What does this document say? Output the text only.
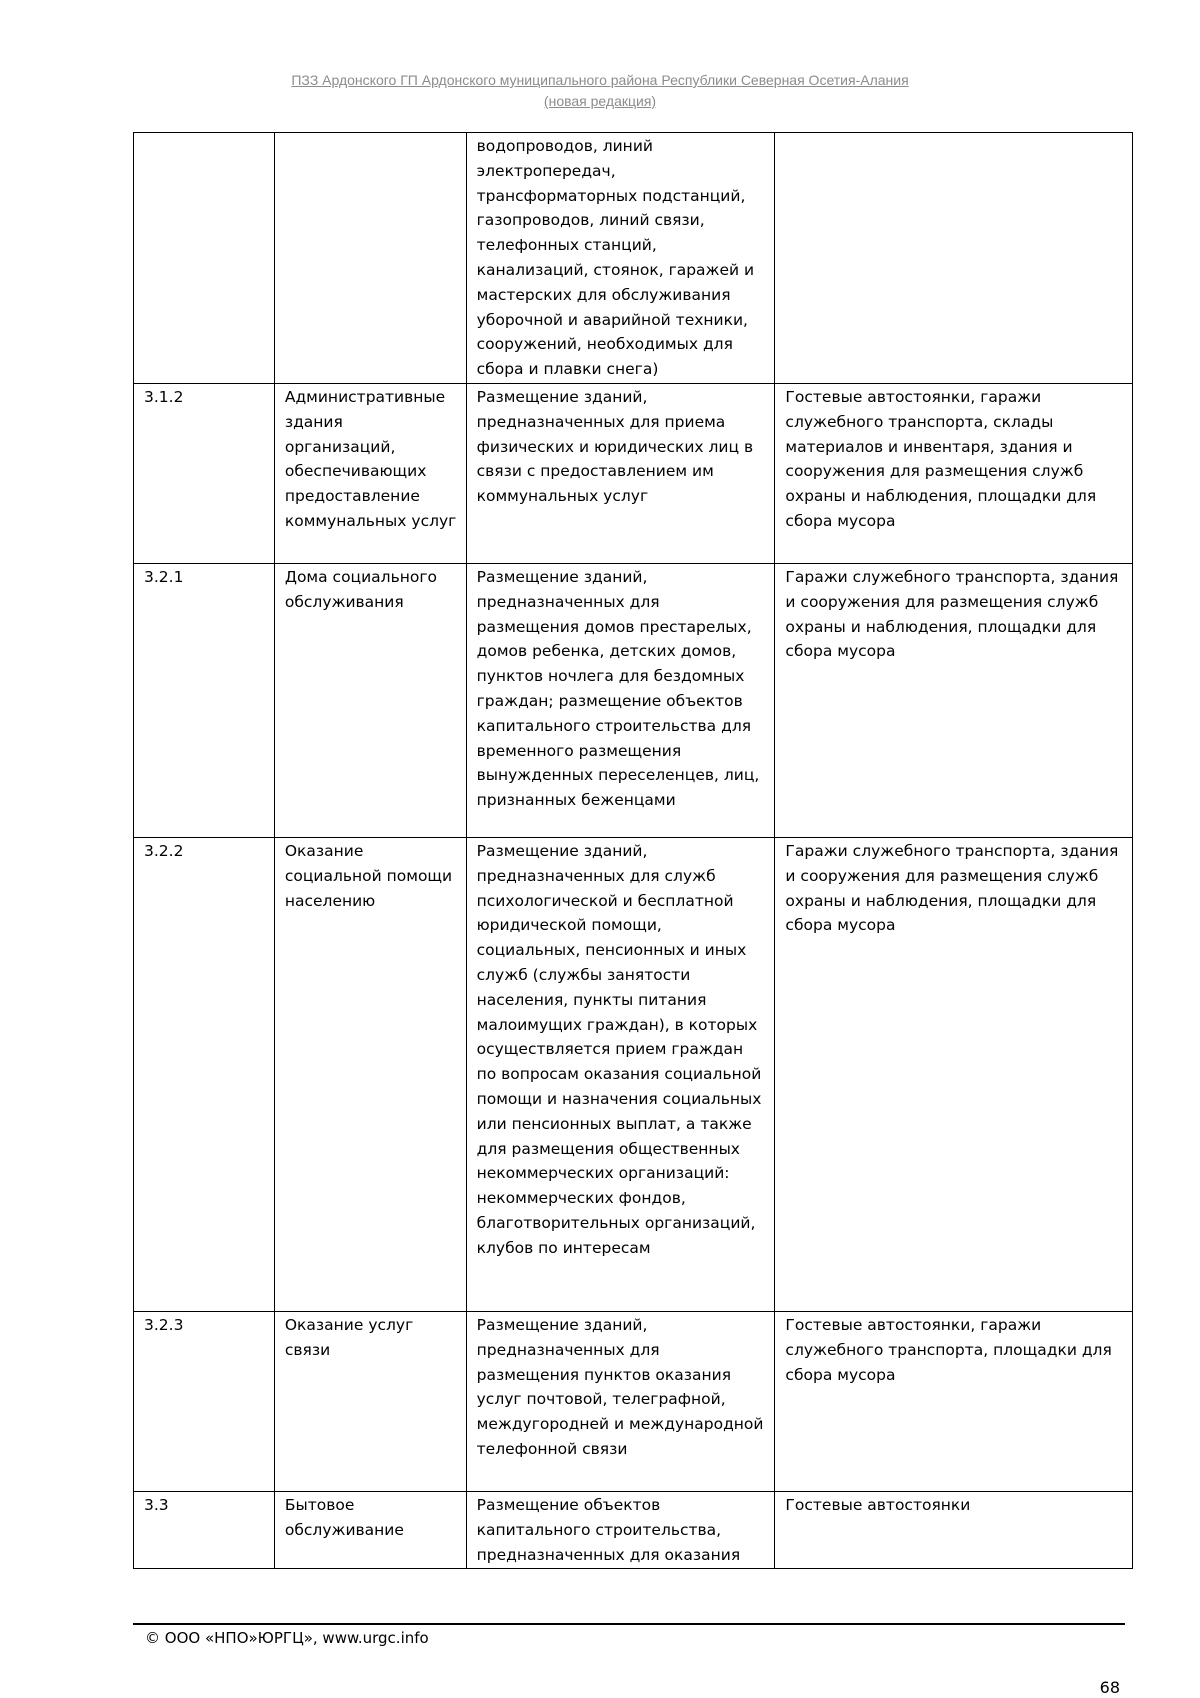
ПЗЗ Ардонского ГП Ардонского муниципального района Республики Северная Осетия-Алания
(новая редакция)
		водопроводов, линий электропередач, трансформаторных подстанций, газопроводов, линий связи, телефонных станций, канализаций, стоянок, гаражей и мастерских для обслуживания уборочной и аварийной техники, сооружений, необходимых для сбора и плавки снега)	
3.1.2	Административные здания организаций, обеспечивающих предоставление коммунальных услуг	Размещение зданий, предназначенных для приема физических и юридических лиц в связи с предоставлением им коммунальных услуг	Гостевые автостоянки, гаражи служебного транспорта, склады материалов и инвентаря, здания и сооружения для размещения служб охраны и наблюдения, площадки для сбора мусора
3.2.1	Дома социального обслуживания	Размещение зданий, предназначенных для размещения домов престарелых, домов ребенка, детских домов, пунктов ночлега для бездомных граждан; размещение объектов капитального строительства для временного размещения вынужденных переселенцев, лиц, признанных беженцами	Гаражи служебного транспорта, здания и сооружения для размещения служб охраны и наблюдения, площадки для сбора мусора
3.2.2	Оказание социальной помощи населению	Размещение зданий, предназначенных для служб психологической и бесплатной юридической помощи, социальных, пенсионных и иных служб (службы занятости населения, пункты питания малоимущих граждан), в которых осуществляется прием граждан по вопросам оказания социальной помощи и назначения социальных или пенсионных выплат, а также для размещения общественных некоммерческих организаций: некоммерческих фондов, благотворительных организаций, клубов по интересам	Гаражи служебного транспорта, здания и сооружения для размещения служб охраны и наблюдения, площадки для сбора мусора
3.2.3	Оказание услуг связи	Размещение зданий, предназначенных для размещения пунктов оказания услуг почтовой, телеграфной, междугородней и международной телефонной связи	Гостевые автостоянки, гаражи служебного транспорта, площадки для сбора мусора
3.3	Бытовое обслуживание	Размещение объектов капитального строительства, предназначенных для оказания	Гостевые автостоянки
© ООО «НПО»ЮРГЦ», www.urgc.info
68
